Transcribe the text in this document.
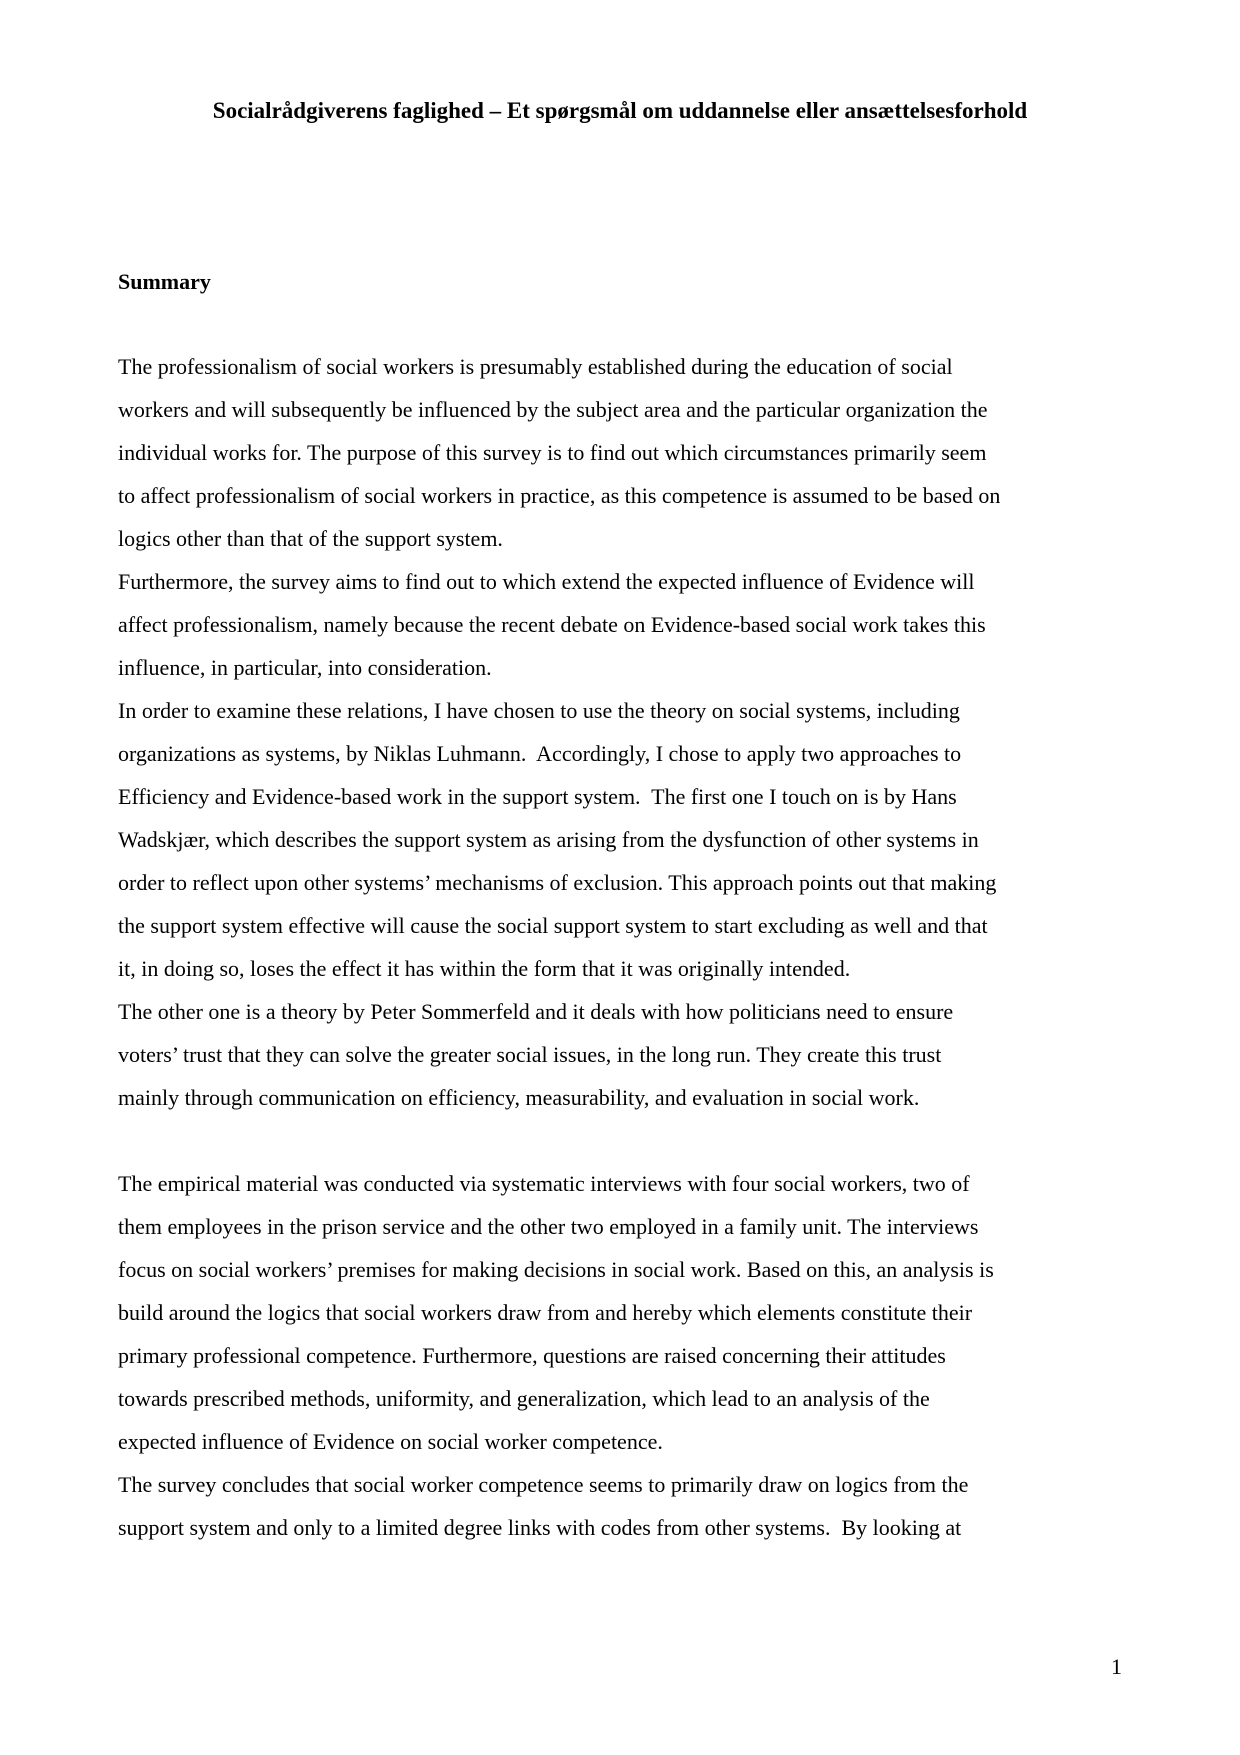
Socialrådgiverens faglighed – Et spørgsmål om uddannelse eller ansættelsesforhold
Summary
The professionalism of social workers is presumably established during the education of social
workers and will subsequently be influenced by the subject area and the particular organization the
individual works for. The purpose of this survey is to find out which circumstances primarily seem
to affect professionalism of social workers in practice, as this competence is assumed to be based on
logics other than that of the support system.
Furthermore, the survey aims to find out to which extend the expected influence of Evidence will
affect professionalism, namely because the recent debate on Evidence-based social work takes this
influence, in particular, into consideration.
In order to examine these relations, I have chosen to use the theory on social systems, including
organizations as systems, by Niklas Luhmann.  Accordingly, I chose to apply two approaches to
Efficiency and Evidence-based work in the support system.  The first one I touch on is by Hans
Wadskjær, which describes the support system as arising from the dysfunction of other systems in
order to reflect upon other systems’ mechanisms of exclusion. This approach points out that making
the support system effective will cause the social support system to start excluding as well and that
it, in doing so, loses the effect it has within the form that it was originally intended.
The other one is a theory by Peter Sommerfeld and it deals with how politicians need to ensure
voters’ trust that they can solve the greater social issues, in the long run. They create this trust
mainly through communication on efficiency, measurability, and evaluation in social work.
The empirical material was conducted via systematic interviews with four social workers, two of
them employees in the prison service and the other two employed in a family unit. The interviews
focus on social workers’ premises for making decisions in social work. Based on this, an analysis is
build around the logics that social workers draw from and hereby which elements constitute their
primary professional competence. Furthermore, questions are raised concerning their attitudes
towards prescribed methods, uniformity, and generalization, which lead to an analysis of the
expected influence of Evidence on social worker competence.
The survey concludes that social worker competence seems to primarily draw on logics from the
support system and only to a limited degree links with codes from other systems.  By looking at
1
